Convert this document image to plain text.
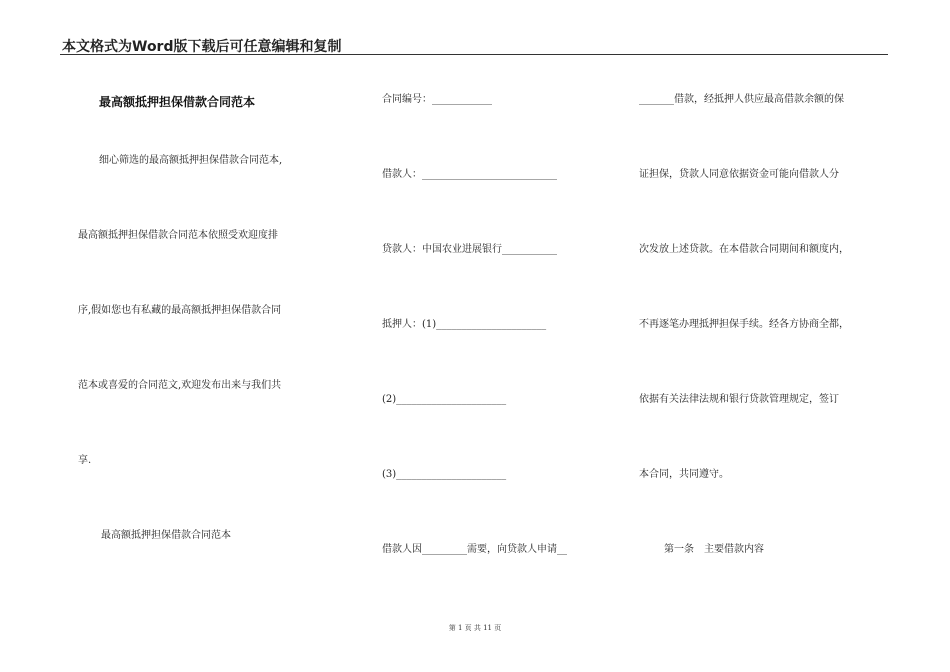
本文格式为Word版下载后可任意编辑和复制
最高额抵押担保借款合同范本
细心筛选的最高额抵押担保借款合同范本,
最高额抵押担保借款合同范本依照受欢迎度排
序,假如您也有私藏的最高额抵押担保借款合同
范本或喜爱的合同范文,欢迎发布出来与我们共
享.
最高额抵押担保借款合同范本
合同编号：____________
借款人：___________________________
贷款人：中国农业进展银行___________
抵押人：(1)______________________
(2)______________________
(3)______________________
借款人因_________需要，向贷款人申请__
_______借款，经抵押人供应最高借款余额的保
证担保，贷款人同意依据资金可能向借款人分
次发放上述贷款。在本借款合同期间和额度内，
不再逐笔办理抵押担保手续。经各方协商全都，
依据有关法律法规和银行贷款管理规定，签订
本合同，共同遵守。
第一条　主要借款内容
第 1 页 共 11 页
